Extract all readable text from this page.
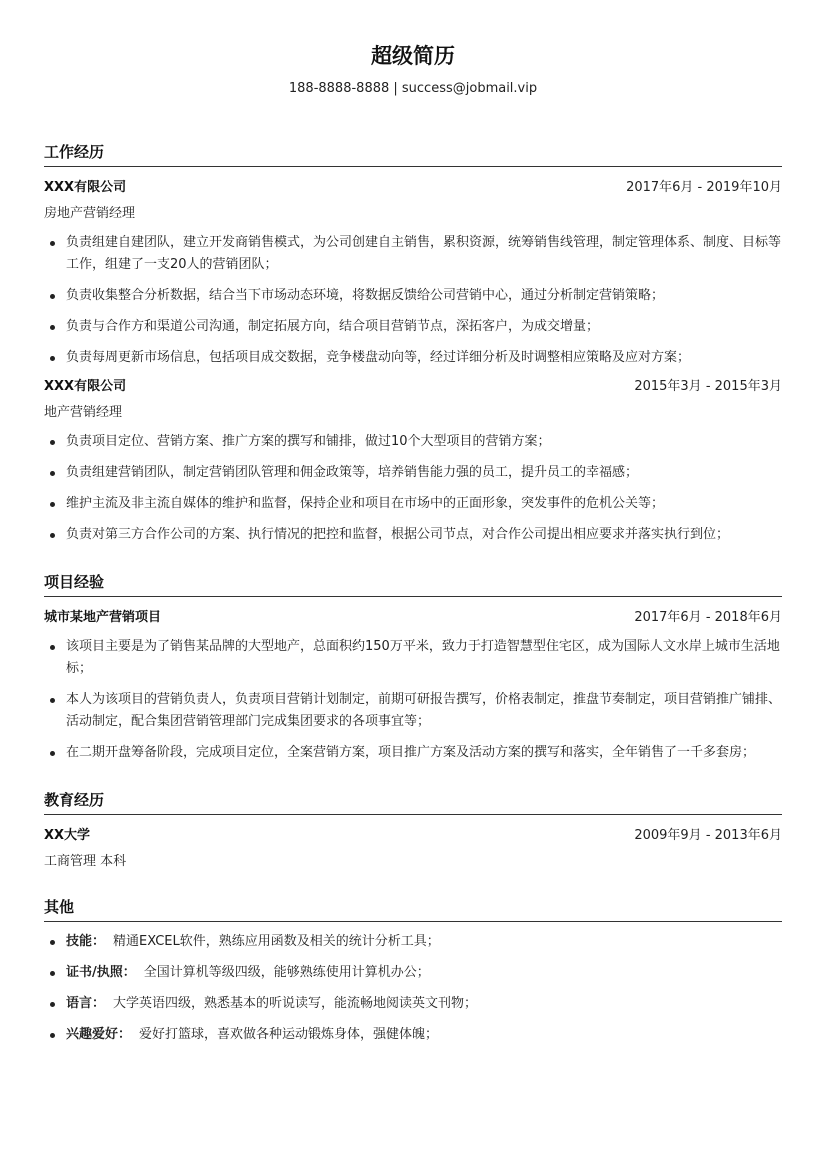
超级简历
188-8888-8888 | success@jobmail.vip
工作经历
XXX有限公司	2017年6月 - 2019年10月
房地产营销经理
负责组建自建团队，建立开发商销售模式，为公司创建自主销售，累积资源，统筹销售线管理，制定管理体系、制度、目标等工作，组建了一支20人的营销团队；
负责收集整合分析数据，结合当下市场动态环境，将数据反馈给公司营销中心，通过分析制定营销策略；
负责与合作方和渠道公司沟通，制定拓展方向，结合项目营销节点，深拓客户，为成交增量；
负责每周更新市场信息，包括项目成交数据，竞争楼盘动向等，经过详细分析及时调整相应策略及应对方案；
XXX有限公司	2015年3月 - 2015年3月
地产营销经理
负责项目定位、营销方案、推广方案的撰写和铺排，做过10个大型项目的营销方案；
负责组建营销团队，制定营销团队管理和佣金政策等，培养销售能力强的员工，提升员工的幸福感；
维护主流及非主流自媒体的维护和监督，保持企业和项目在市场中的正面形象，突发事件的危机公关等；
负责对第三方合作公司的方案、执行情况的把控和监督，根据公司节点，对合作公司提出相应要求并落实执行到位；
项目经验
城市某地产营销项目	2017年6月 - 2018年6月
该项目主要是为了销售某品牌的大型地产，总面积约150万平米，致力于打造智慧型住宅区，成为国际人文水岸上城市生活地标；
本人为该项目的营销负责人，负责项目营销计划制定，前期可研报告撰写，价格表制定，推盘节奏制定，项目营销推广铺排、活动制定，配合集团营销管理部门完成集团要求的各项事宜等；
在二期开盘筹备阶段，完成项目定位，全案营销方案，项目推广方案及活动方案的撰写和落实，全年销售了一千多套房；
教育经历
XX大学	2009年9月 - 2013年6月
工商管理 本科
其他
技能： 精通EXCEL软件，熟练应用函数及相关的统计分析工具；
证书/执照： 全国计算机等级四级，能够熟练使用计算机办公；
语言： 大学英语四级，熟悉基本的听说读写，能流畅地阅读英文刊物；
兴趣爱好： 爱好打篮球，喜欢做各种运动锻炼身体，强健体魄；
